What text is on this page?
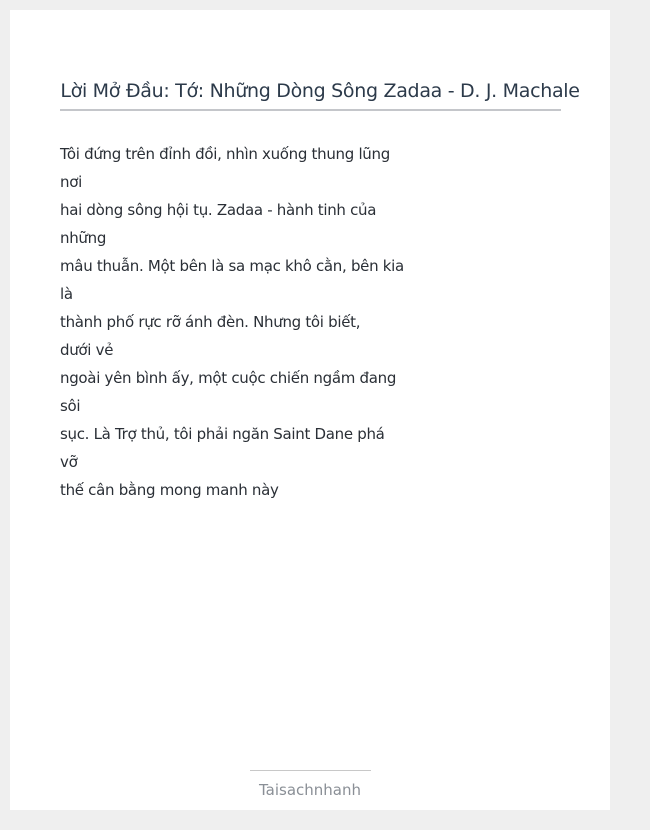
Lời Mở Đầu: Tớ: Những Dòng Sông Zadaa - D. J. Machale
Tôi đứng trên đỉnh đồi, nhìn xuống thung lũng
nơi
hai dòng sông hội tụ. Zadaa - hành tinh của
những
mâu thuẫn. Một bên là sa mạc khô cằn, bên kia
là
thành phố rực rỡ ánh đèn. Nhưng tôi biết,
dưới vẻ
ngoài yên bình ấy, một cuộc chiến ngầm đang
sôi
sục. Là Trợ thủ, tôi phải ngăn Saint Dane phá
vỡ
thế cân bằng mong manh này
Taisachnhanh
